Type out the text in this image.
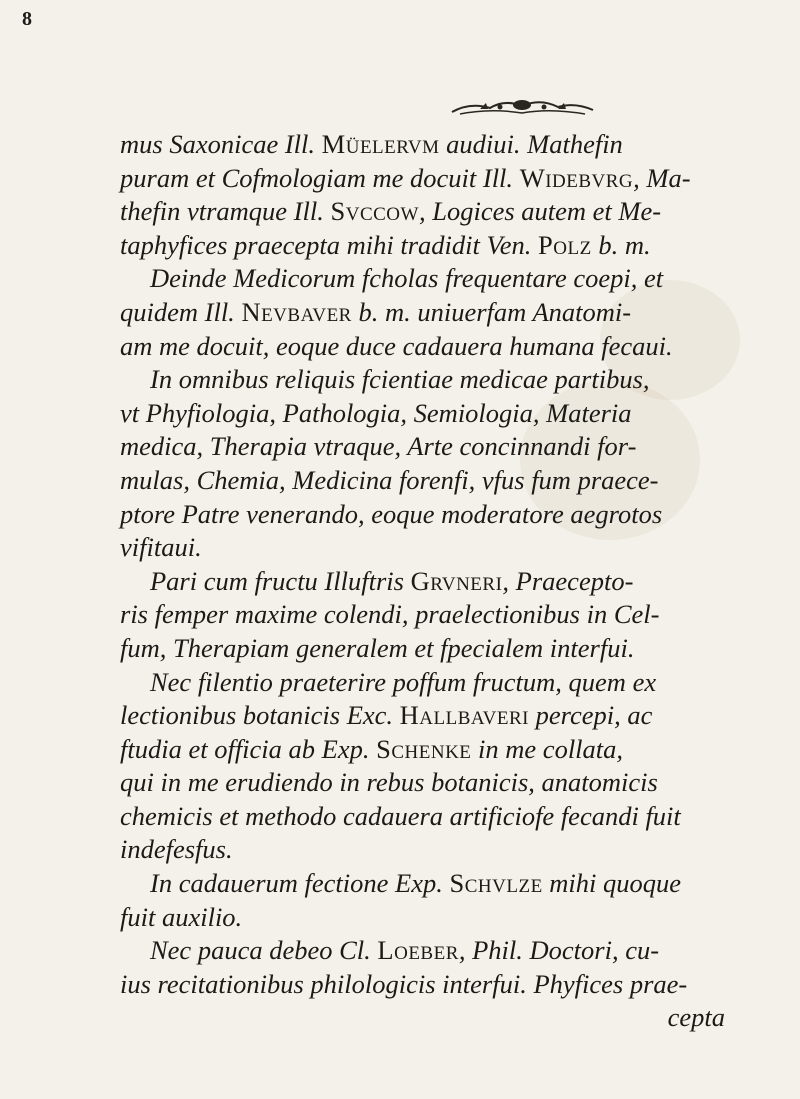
8
mus Saxonicae Ill. Müelervm audiui. Mathefin
puram et Cofmologiam me docuit Ill. Widebvrg, Ma-
thefin vtramque Ill. Svccow, Logices autem et Me-
taphyfices praecepta mihi tradidit Ven. Polz b. m.
Deinde Medicorum fcholas frequentare coepi, et
quidem Ill. Nevbaver b. m. uniuerfam Anatomi-
am me docuit, eoque duce cadauera humana fecaui.
In omnibus reliquis fcientiae medicae partibus,
vt Phyfiologia, Pathologia, Semiologia, Materia
medica, Therapia vtraque, Arte concinnandi for-
mulas, Chemia, Medicina forenfi, vfus fum praece-
ptore Patre venerando, eoque moderatore aegrotos
vifitaui.
Pari cum fructu Illuftris Grvneri, Praecepto-
ris femper maxime colendi, praelectionibus in Cel-
fum, Therapiam generalem et fpecialem interfui.
Nec filentio praeterire poffum fructum, quem ex
lectionibus botanicis Exc. Hallbaveri percepi, ac
ftudia et officia ab Exp. Schenke in me collata,
qui in me erudiendo in rebus botanicis, anatomicis
chemicis et methodo cadauera artificiofe fecandi fuit
indefesfus.
In cadauerum fectione Exp. Schvlze mihi quoque
fuit auxilio.
Nec pauca debeo Cl. Loeber, Phil. Doctori, cu-
ius recitationibus philologicis interfui. Phyfices prae-
cepta
